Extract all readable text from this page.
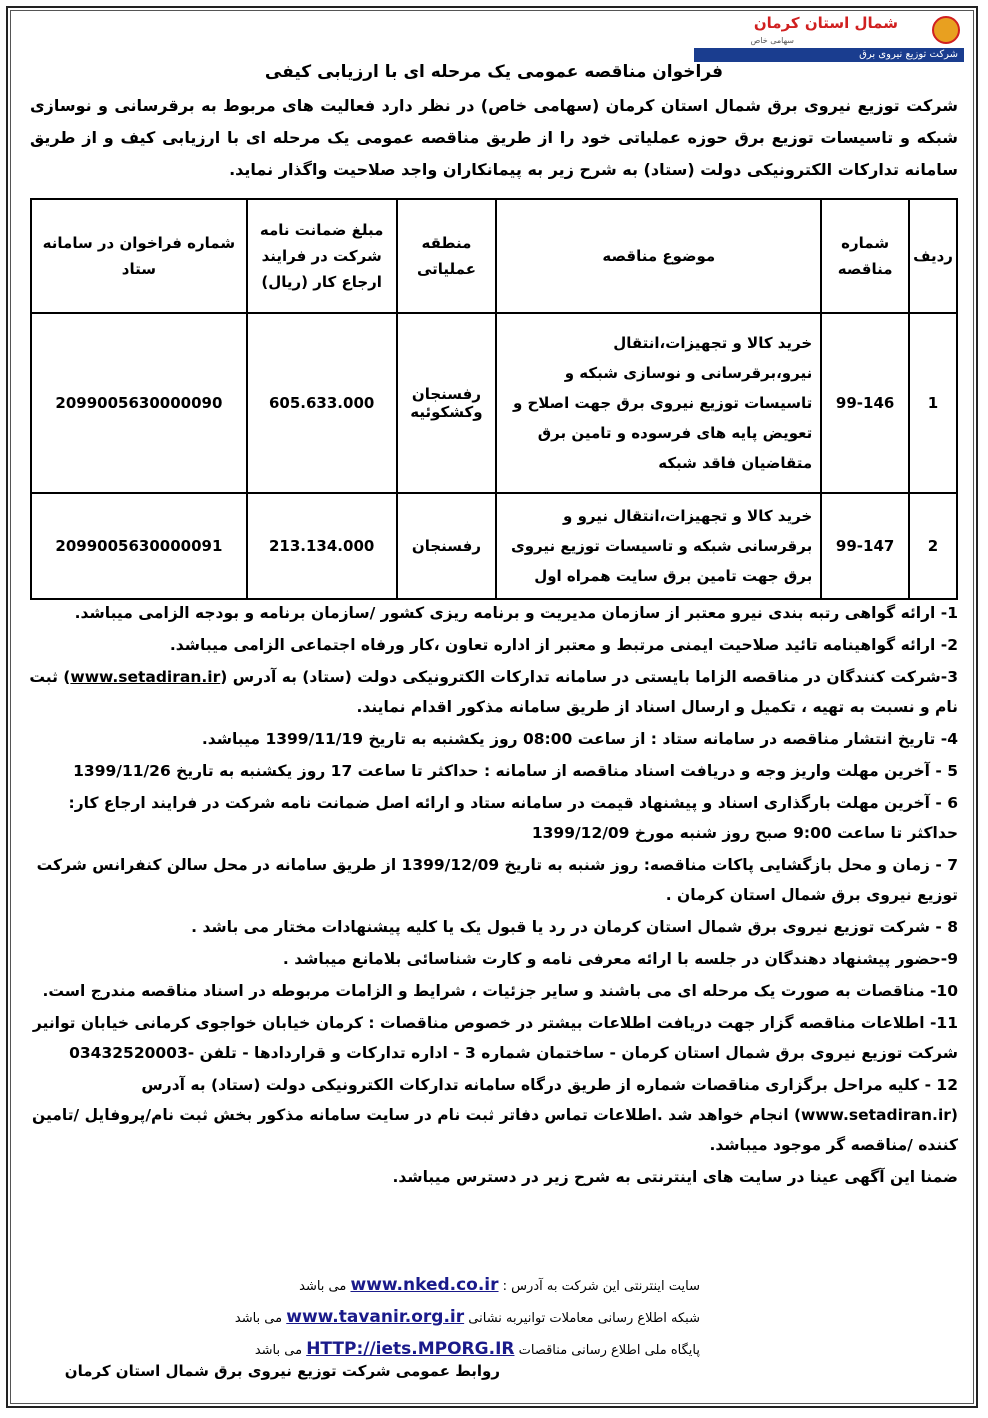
شمال استان کرمان
سهامی خاص
شرکت توزیع نیروی برق
فراخوان مناقصه عمومی یک مرحله ای با ارزیابی کیفی
شرکت توزیع نیروی برق شمال استان کرمان (سهامی خاص) در نظر دارد فعالیت های مربوط به برقرسانی و نوسازی شبکه و تاسیسات توزیع برق حوزه عملیاتی خود را از طریق مناقصه عمومی یک مرحله ای با ارزیابی کیف و از طریق سامانه تدارکات الکترونیکی دولت (ستاد) به شرح زیر به پیمانکاران واجد صلاحیت واگذار نماید.
ردیف	شماره مناقصه	موضوع مناقصه	منطقه عملیاتی	مبلغ ضمانت نامه شرکت در فرایند ارجاع کار (ریال)	شماره فراخوان در سامانه ستاد
1	99-146	خرید کالا و تجهیزات،انتقال نیرو،برقرسانی و نوسازی شبکه و تاسیسات توزیع نیروی برق جهت اصلاح و تعویض پایه های فرسوده و تامین برق متقاضیان فاقد شبکه	رفسنجان وکشکوئیه	605.633.000	2099005630000090
2	99-147	خرید کالا و تجهیزات،انتقال نیرو و برقرسانی شبکه و تاسیسات توزیع نیروی برق جهت تامین برق سایت همراه اول	رفسنجان	213.134.000	2099005630000091

1- ارائه گواهی رتبه بندی نیرو معتبر از سازمان مدیریت و برنامه ریزی کشور /سازمان برنامه و بودجه الزامی میباشد.

2- ارائه گواهینامه تائید صلاحیت ایمنی مرتبط و معتبر از اداره تعاون ،کار ورفاه اجتماعی الزامی میباشد.

3-شرکت کنندگان در مناقصه الزاما بایستی در سامانه تدارکات الکترونیکی دولت (ستاد) به آدرس (www.setadiran.ir) ثبت نام و نسبت به تهیه ، تکمیل و ارسال اسناد از طریق سامانه مذکور اقدام نمایند.

4- تاریخ انتشار مناقصه در سامانه ستاد : از ساعت 08:00 روز یکشنبه به تاریخ 1399/11/19 میباشد.

5 - آخرین مهلت واریز وجه و دریافت اسناد مناقصه از سامانه : حداکثر تا ساعت 17 روز یکشنبه به تاریخ 1399/11/26

6 - آخرین مهلت بارگذاری اسناد و پیشنهاد قیمت در سامانه ستاد و ارائه اصل ضمانت نامه شرکت در فرایند ارجاع کار: حداکثر تا ساعت 9:00 صبح روز شنبه مورخ 1399/12/09

7 - زمان و محل بازگشایی پاکات مناقصه: روز شنبه به تاریخ 1399/12/09 از طریق سامانه در محل سالن کنفرانس شرکت توزیع نیروی برق شمال استان کرمان .

8 - شرکت توزیع نیروی برق شمال استان کرمان در رد یا قبول یک یا کلیه پیشنهادات مختار می باشد .

9-حضور پیشنهاد دهندگان در جلسه با ارائه معرفی نامه و کارت شناسائی بلامانع میباشد .

10- مناقصات به صورت یک مرحله ای می باشند و سایر جزئیات ، شرایط و الزامات مربوطه در اسناد مناقصه مندرج است.

11- اطلاعات مناقصه گزار جهت دریافت اطلاعات بیشتر در خصوص مناقصات : کرمان خیابان خواجوی کرمانی خیابان توانیر شرکت توزیع نیروی برق شمال استان کرمان - ساختمان شماره 3 - اداره تدارکات و قراردادها - تلفن -03432520003

12 - کلیه مراحل برگزاری مناقصات شماره از طریق درگاه سامانه تدارکات الکترونیکی دولت (ستاد) به آدرس (www.setadiran.ir) انجام خواهد شد .اطلاعات تماس دفاتر ثبت نام در سایت سامانه مذکور بخش ثبت نام/پروفایل /تامین کننده /مناقصه گر موجود میباشد.

ضمنا این آگهی عینا در سایت های اینترنتی به شرح زیر در دسترس میباشد.

سایت اینترنتی این شرکت به آدرس : www.nked.co.ir می باشد
شبکه اطلاع رسانی معاملات توانیربه نشانی www.tavanir.org.ir می باشد
پایگاه ملی اطلاع رسانی مناقصات HTTP://iets.MPORG.IR می باشد
روابط عمومی شرکت توزیع نیروی برق شمال استان کرمان
